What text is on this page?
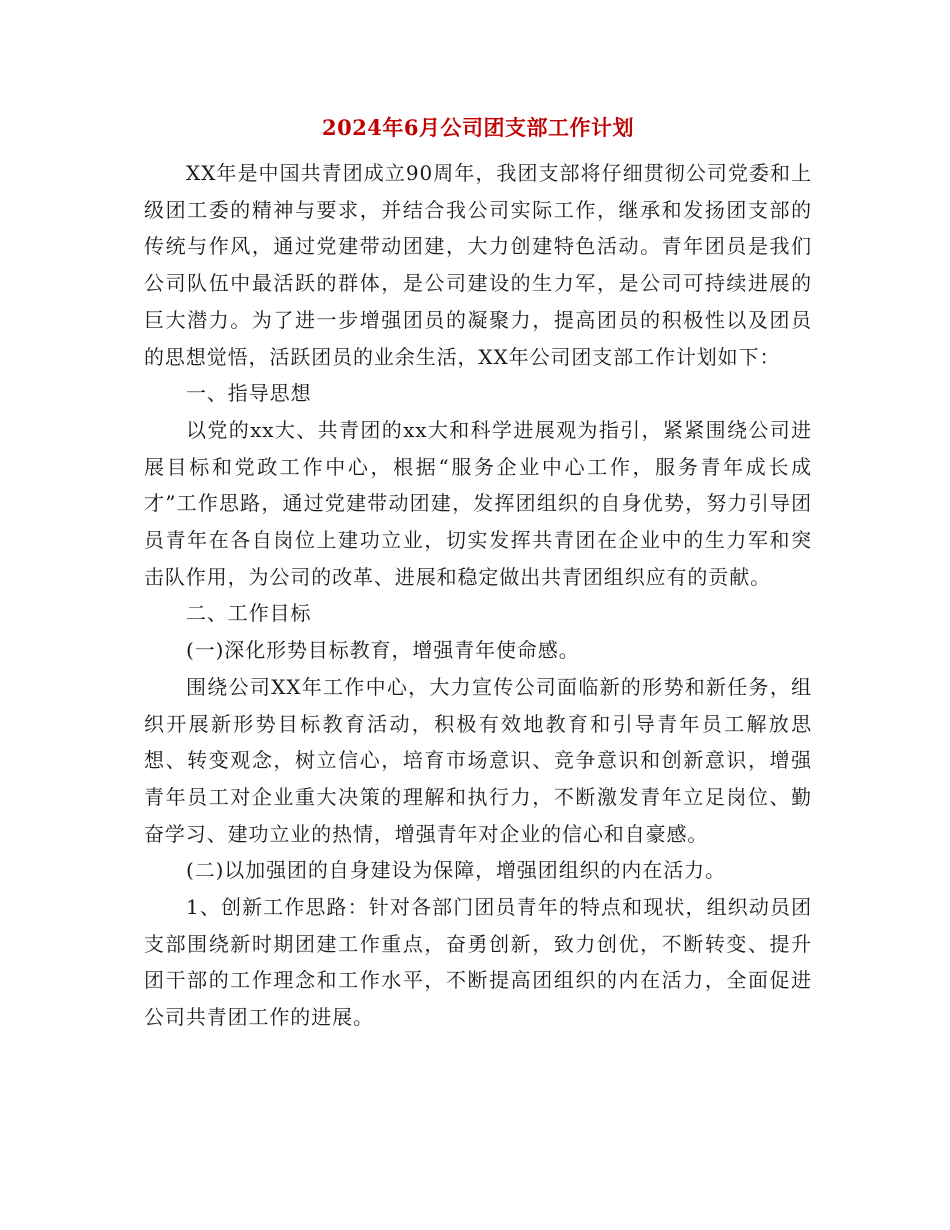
2024年6月公司团支部工作计划

XX年是中国共青团成立90周年，我团支部将仔细贯彻公司党委和上级团工委的精神与要求，并结合我公司实际工作，继承和发扬团支部的传统与作风，通过党建带动团建，大力创建特色活动。青年团员是我们公司队伍中最活跃的群体，是公司建设的生力军，是公司可持续进展的巨大潜力。为了进一步增强团员的凝聚力，提高团员的积极性以及团员的思想觉悟，活跃团员的业余生活，XX年公司团支部工作计划如下：

一、指导思想

以党的xx大、共青团的xx大和科学进展观为指引，紧紧围绕公司进展目标和党政工作中心，根据“服务企业中心工作，服务青年成长成才”工作思路，通过党建带动团建，发挥团组织的自身优势，努力引导团员青年在各自岗位上建功立业，切实发挥共青团在企业中的生力军和突击队作用，为公司的改革、进展和稳定做出共青团组织应有的贡献。

二、工作目标

(一)深化形势目标教育，增强青年使命感。

围绕公司XX年工作中心，大力宣传公司面临新的形势和新任务，组织开展新形势目标教育活动，积极有效地教育和引导青年员工解放思想、转变观念，树立信心，培育市场意识、竞争意识和创新意识，增强青年员工对企业重大决策的理解和执行力，不断激发青年立足岗位、勤奋学习、建功立业的热情，增强青年对企业的信心和自豪感。

(二)以加强团的自身建设为保障，增强团组织的内在活力。

1、创新工作思路：针对各部门团员青年的特点和现状，组织动员团支部围绕新时期团建工作重点，奋勇创新，致力创优，不断转变、提升团干部的工作理念和工作水平，不断提高团组织的内在活力，全面促进公司共青团工作的进展。
